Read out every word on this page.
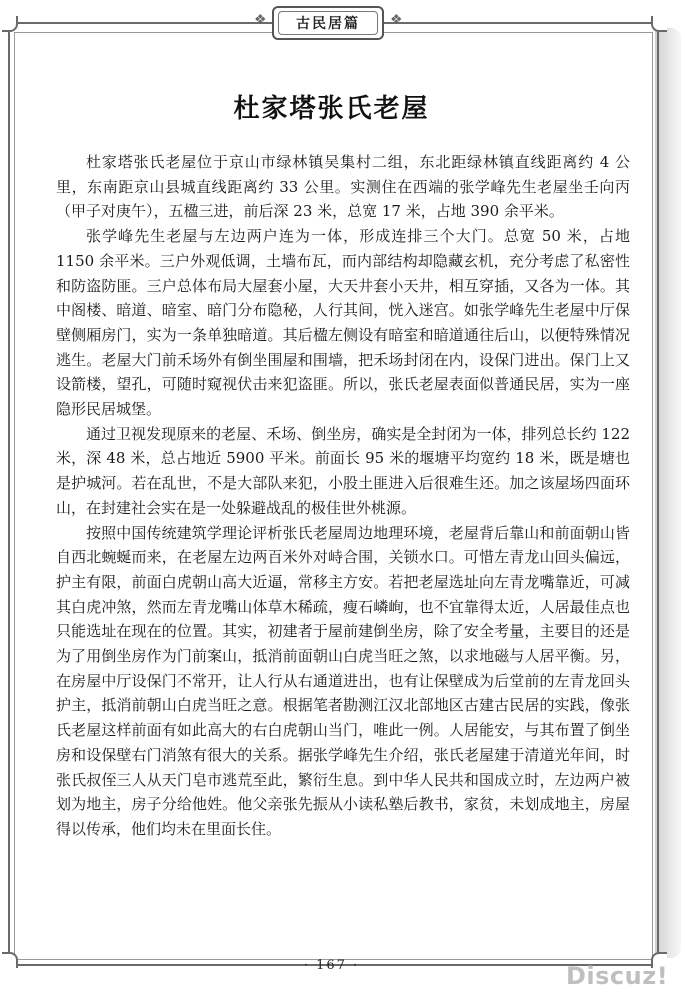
❖	古民居篇	❖
杜家塔张氏老屋

杜家塔张氏老屋位于京山市绿林镇吴集村二组，东北距绿林镇直线距离约 4 公里，东南距京山县城直线距离约 33 公里。实测住在西端的张学峰先生老屋坐壬向丙（甲子对庚午），五楹三进，前后深 23 米，总宽 17 米，占地 390 余平米。

张学峰先生老屋与左边两户连为一体，形成连排三个大门。总宽 50 米，占地 1150 余平米。三户外观低调，土墙布瓦，而内部结构却隐藏玄机，充分考虑了私密性和防盗防匪。三户总体布局大屋套小屋，大天井套小天井，相互穿插，又各为一体。其中阁楼、暗道、暗室、暗门分布隐秘，人行其间，恍入迷宫。如张学峰先生老屋中厅保壁侧厢房门，实为一条单独暗道。其后楹左侧设有暗室和暗道通往后山，以便特殊情况逃生。老屋大门前禾场外有倒坐围屋和围墙，把禾场封闭在内，设保门进出。保门上又设箭楼，望孔，可随时窥视伏击来犯盗匪。所以，张氏老屋表面似普通民居，实为一座隐形民居城堡。

通过卫视发现原来的老屋、禾场、倒坐房，确实是全封闭为一体，排列总长约 122 米，深 48 米，总占地近 5900 平米。前面长 95 米的堰塘平均宽约 18 米，既是塘也是护城河。若在乱世，不是大部队来犯，小股土匪进入后很难生还。加之该屋场四面环山，在封建社会实在是一处躲避战乱的极佳世外桃源。

按照中国传统建筑学理论评析张氏老屋周边地理环境，老屋背后靠山和前面朝山皆自西北蜿蜒而来，在老屋左边两百米外对峙合围，关锁水口。可惜左青龙山回头偏远，护主有限，前面白虎朝山高大近逼，常移主方安。若把老屋选址向左青龙嘴靠近，可减其白虎冲煞，然而左青龙嘴山体草木稀疏，瘦石嶙峋，也不宜靠得太近，人居最佳点也只能选址在现在的位置。其实，初建者于屋前建倒坐房，除了安全考量，主要目的还是为了用倒坐房作为门前案山，抵消前面朝山白虎当旺之煞，以求地磁与人居平衡。另，在房屋中厅设保门不常开，让人行从右通道进出，也有让保壁成为后堂前的左青龙回头护主，抵消前朝山白虎当旺之意。根据笔者勘测江汉北部地区古建古民居的实践，像张氏老屋这样前面有如此高大的右白虎朝山当门，唯此一例。人居能安，与其布置了倒坐房和设保壁右门消煞有很大的关系。据张学峰先生介绍，张氏老屋建于清道光年间，时张氏叔侄三人从天门皂市逃荒至此，繁衍生息。到中华人民共和国成立时，左边两户被划为地主，房子分给他姓。他父亲张先振从小读私塾后教书，家贫，未划成地主，房屋得以传承，他们均未在里面长住。

· 167 ·	Discuz!
